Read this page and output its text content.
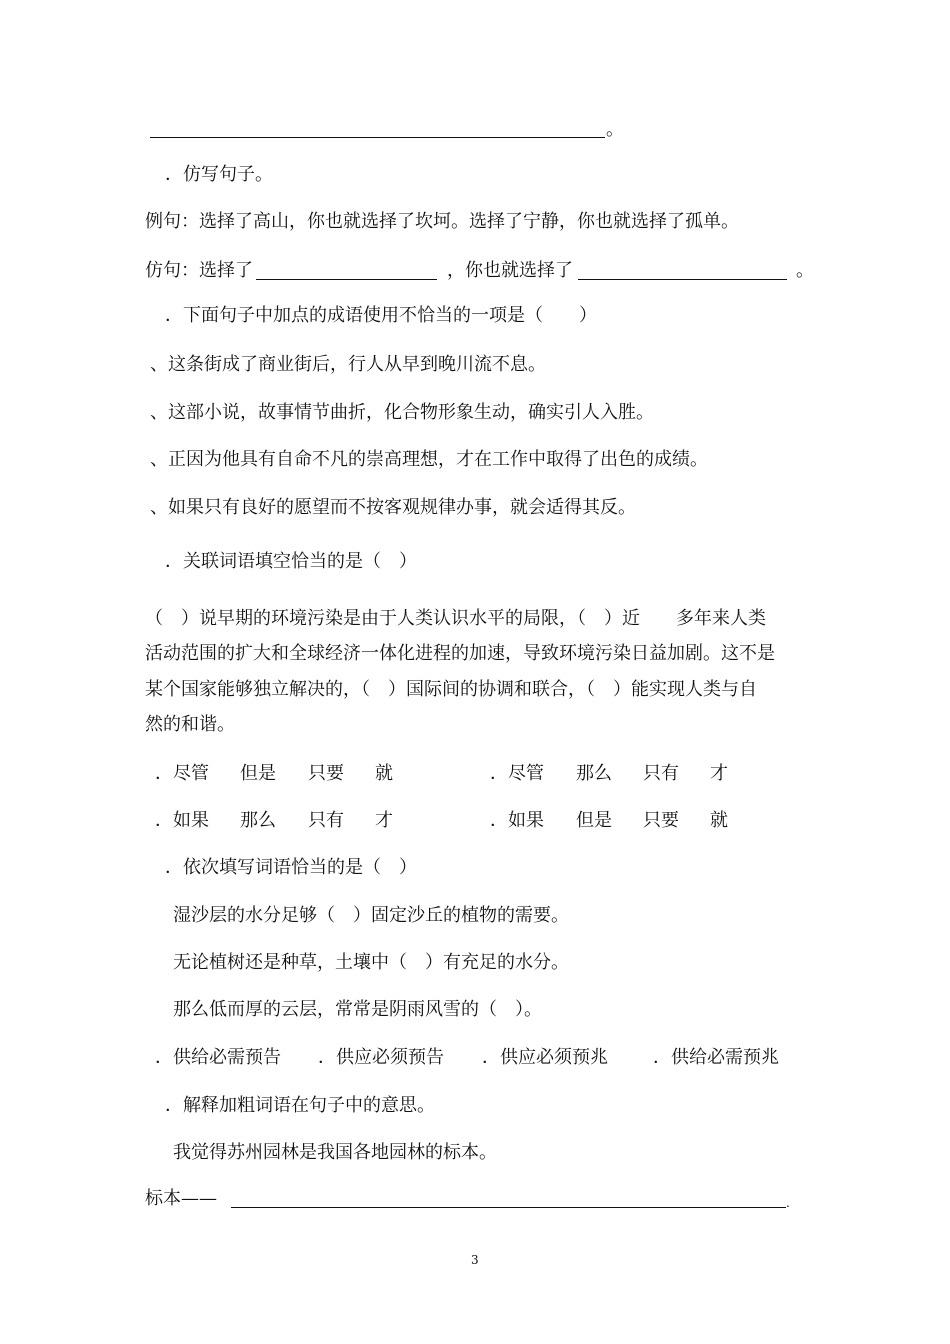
。
．仿写句子。
例句：选择了高山，你也就选择了坎坷。选择了宁静，你也就选择了孤单。
仿句：选择了	，你也就选择了	。
．下面句子中加点的成语使用不恰当的一项是（　　）
、这条街成了商业街后，行人从早到晚川流不息。
、这部小说，故事情节曲折，化合物形象生动，确实引人入胜。
、正因为他具有自命不凡的崇高理想，才在工作中取得了出色的成绩。
、如果只有良好的愿望而不按客观规律办事，就会适得其反。
．关联词语填空恰当的是（　）
（　）说早期的环境污染是由于人类认识水平的局限，（　）近　　多年来人类
活动范围的扩大和全球经济一体化进程的加速，导致环境污染日益加剧。这不是
某个国家能够独立解决的，（　）国际间的协调和联合，（　）能实现人类与自
然的和谐。
．尽管 但是 只要 就	．尽管 那么 只有 才
．如果 那么 只有 才	．如果 但是 只要 就
．依次填写词语恰当的是（　）
湿沙层的水分足够（　）固定沙丘的植物的需要。
无论植树还是种草，土壤中（　）有充足的水分。
那么低而厚的云层，常常是阴雨风雪的（　）。
．供给必需预告 ．供应必须预告 ．供应必须预兆	．供给必需预兆
．解释加粗词语在句子中的意思。
我觉得苏州园林是我国各地园林的标本。
标本——	.
3
